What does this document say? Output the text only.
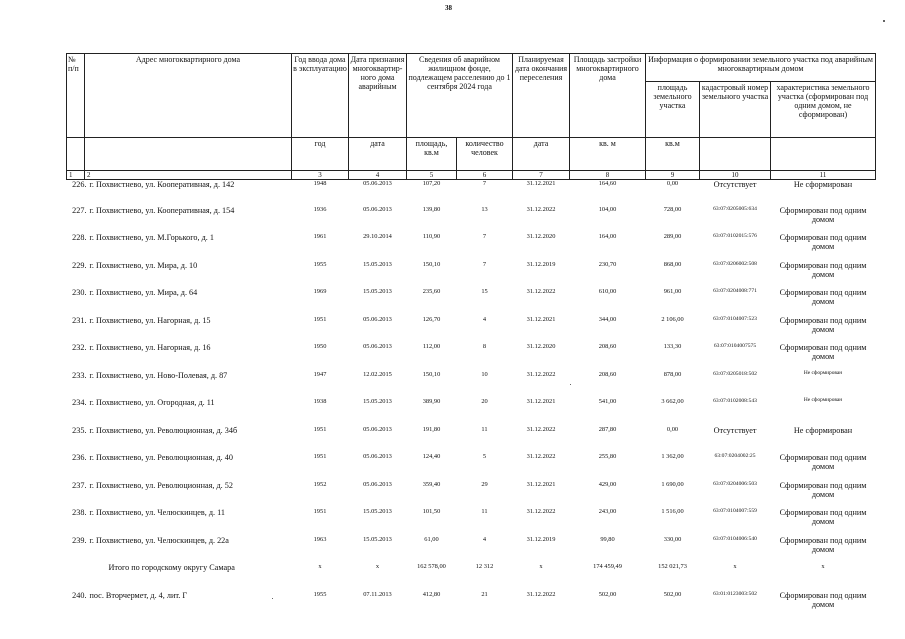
38
№ п/п	Адрес многоквартирного дома	Год ввода дома в эксплуатацию	Дата признания многоквартир-ного дома аварийным	Сведения об аварийном жилищном фонде, подлежащем расселению до 1 сентября 2024 года		Планируемая дата окончания переселения	Площадь застройки многоквартирного дома	Информация о формировании земельного участка под аварийным многоквартирным домом		
								площадь земельного участка	кадастровый номер земельного участка	характеристика земельного участка (сформирован под одним домом, не сформирован)
		год	дата	площадь, кв.м	количество человек	дата	кв. м	кв.м		
1	2	3	4	5	6	7	8	9	10	11
226. г. Похвистнево, ул. Кооперативная, д. 142		1948	05.06.2013	107,20	7	31.12.2021	164,60	0,00	Отсутствует	Не сформирован
227. г. Похвистнево, ул. Кооперативная, д. 154		1936	05.06.2013	139,80	13	31.12.2022	104,00	728,00	63:07:0205005:634	Сформирован под одним домом
228. г. Похвистнево, ул. М.Горького, д. 1		1961	29.10.2014	110,90	7	31.12.2020	164,00	289,00	63:07:0102015:576	Сформирован под одним домом
229. г. Похвистнево, ул. Мира, д. 10		1955	15.05.2013	150,10	7	31.12.2019	230,70	868,00	63:07:0206002:508	Сформирован под одним домом
230. г. Похвистнево, ул. Мира, д. 64		1969	15.05.2013	235,60	15	31.12.2022	610,00	961,00	63:07:0204008:771	Сформирован под одним домом
231. г. Похвистнево, ул. Нагорная, д. 15		1951	05.06.2013	126,70	4	31.12.2021	344,00	2 106,00	63:07:0104007:523	Сформирован под одним домом
232. г. Похвистнево, ул. Нагорная, д. 16		1950	05.06.2013	112,00	8	31.12.2020	208,60	133,30	63:07:0104007575	Сформирован под одним домом
233. г. Похвистнево, ул. Ново-Полевая, д. 87		1947	12.02.2015	150,10	10	31.12.2022	208,60	878,00	63:07:0205018:502	Не сформирован
234. г. Похвистнево, ул. Огородная, д. 11		1938	15.05.2013	389,90	20	31.12.2021	541,00	3 662,00	63:07:0102008:543	Не сформирован
235. г. Похвистнево, ул. Революционная, д. 34б		1951	05.06.2013	191,80	11	31.12.2022	287,80	0,00	Отсутствует	Не сформирован
236. г. Похвистнево, ул. Революционная, д. 40		1951	05.06.2013	124,40	5	31.12.2022	255,80	1 362,00	63:07:0204002:25	Сформирован под одним домом
237. г. Похвистнево, ул. Революционная, д. 52		1952	05.06.2013	359,40	29	31.12.2021	429,00	1 690,00	63:07:0204006:503	Сформирован под одним домом
238. г. Похвистнево, ул. Челюскинцев, д. 11		1951	15.05.2013	101,50	11	31.12.2022	243,00	1 516,00	63:07:0104007:559	Сформирован под одним домом
239. г. Похвистнево, ул. Челюскинцев, д. 22а		1963	15.05.2013	61,00	4	31.12.2019	99,80	330,00	63:07:0104006:540	Сформирован под одним домом
Итого по городскому округу Самара		x	x	162 578,00	12 312	x	174 459,49	152 021,73	x	x
240. пос. Вторчермет, д. 4, лит. Г		1955	07.11.2013	412,80	21	31.12.2022	502,00	502,00	63:01:0123003:502	Сформирован под одним домом
